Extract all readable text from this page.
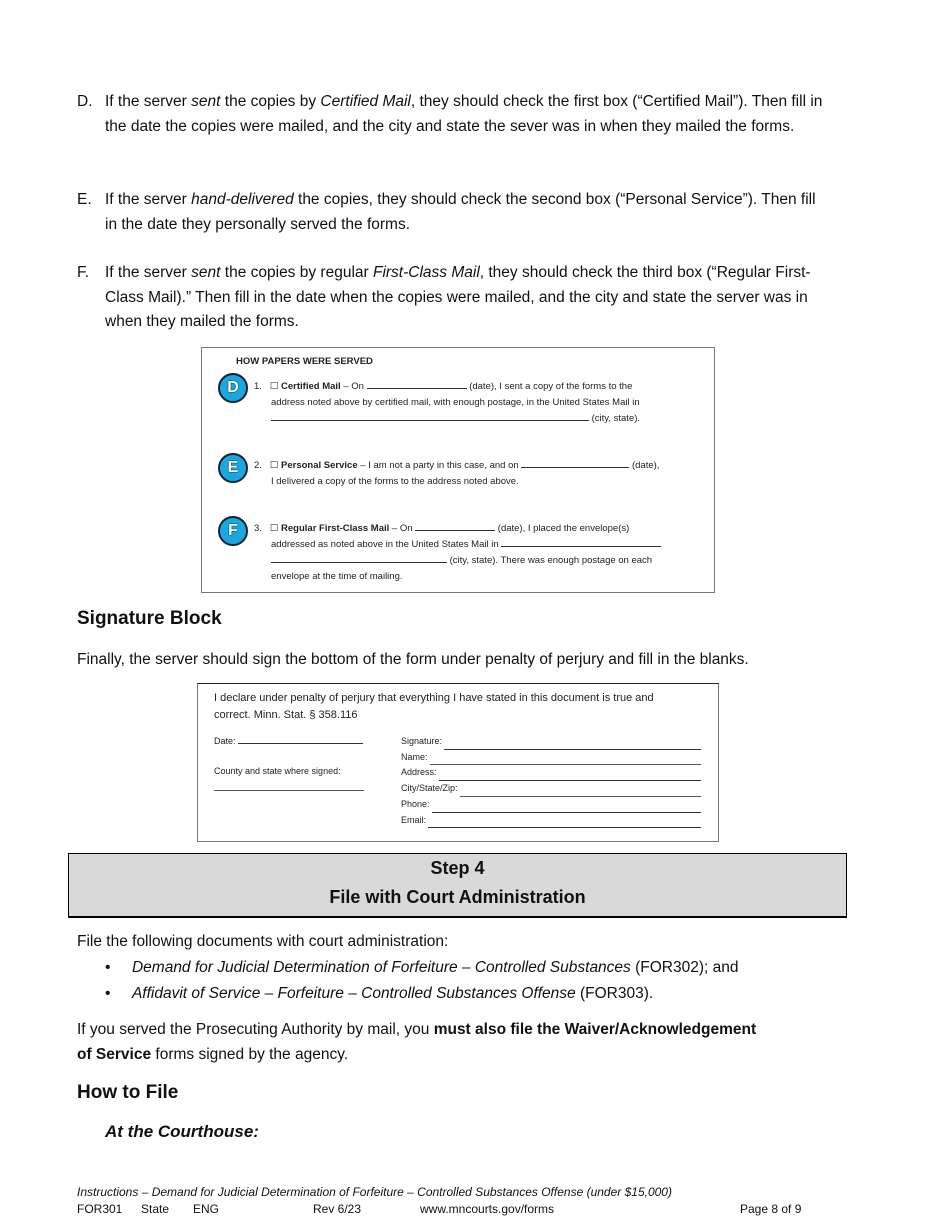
D. If the server sent the copies by Certified Mail, they should check the first box (“Certified Mail”). Then fill in the date the copies were mailed, and the city and state the sever was in when they mailed the forms.
E. If the server hand-delivered the copies, they should check the second box (“Personal Service”). Then fill in the date they personally served the forms.
F. If the server sent the copies by regular First-Class Mail, they should check the third box (“Regular First-Class Mail).” Then fill in the date when the copies were mailed, and the city and state the server was in when they mailed the forms.
HOW PAPERS WERE SERVED
D	1. ☐ Certified Mail – On	(date), I sent a copy of the forms to the
address noted above by certified mail, with enough postage, in the United States Mail in
(city, state).
E	2. ☐ Personal Service – I am not a party in this case, and on	(date),
I delivered a copy of the forms to the address noted above.
F	3. ☐ Regular First-Class Mail – On	(date), I placed the envelope(s)
addressed as noted above in the United States Mail in
(city, state). There was enough postage on each
envelope at the time of mailing.
Signature Block
Finally, the server should sign the bottom of the form under penalty of perjury and fill in the blanks.
I declare under penalty of perjury that everything I have stated in this document is true and
correct. Minn. Stat. § 358.116
Date:
County and state where signed:
Signature:
Name:
Address:
City/State/Zip:
Phone:
Email:
Step 4
File with Court Administration
File the following documents with court administration:
•     Demand for Judicial Determination of Forfeiture – Controlled Substances (FOR302); and
•     Affidavit of Service – Forfeiture – Controlled Substances Offense (FOR303).
If you served the Prosecuting Authority by mail, you must also file the Waiver/Acknowledgement
of Service forms signed by the agency.
How to File
At the Courthouse:
Instructions – Demand for Judicial Determination of Forfeiture – Controlled Substances Offense (under $15,000)
FOR301 State ENG	Rev 6/23	www.mncourts.gov/forms	Page 8 of 9
